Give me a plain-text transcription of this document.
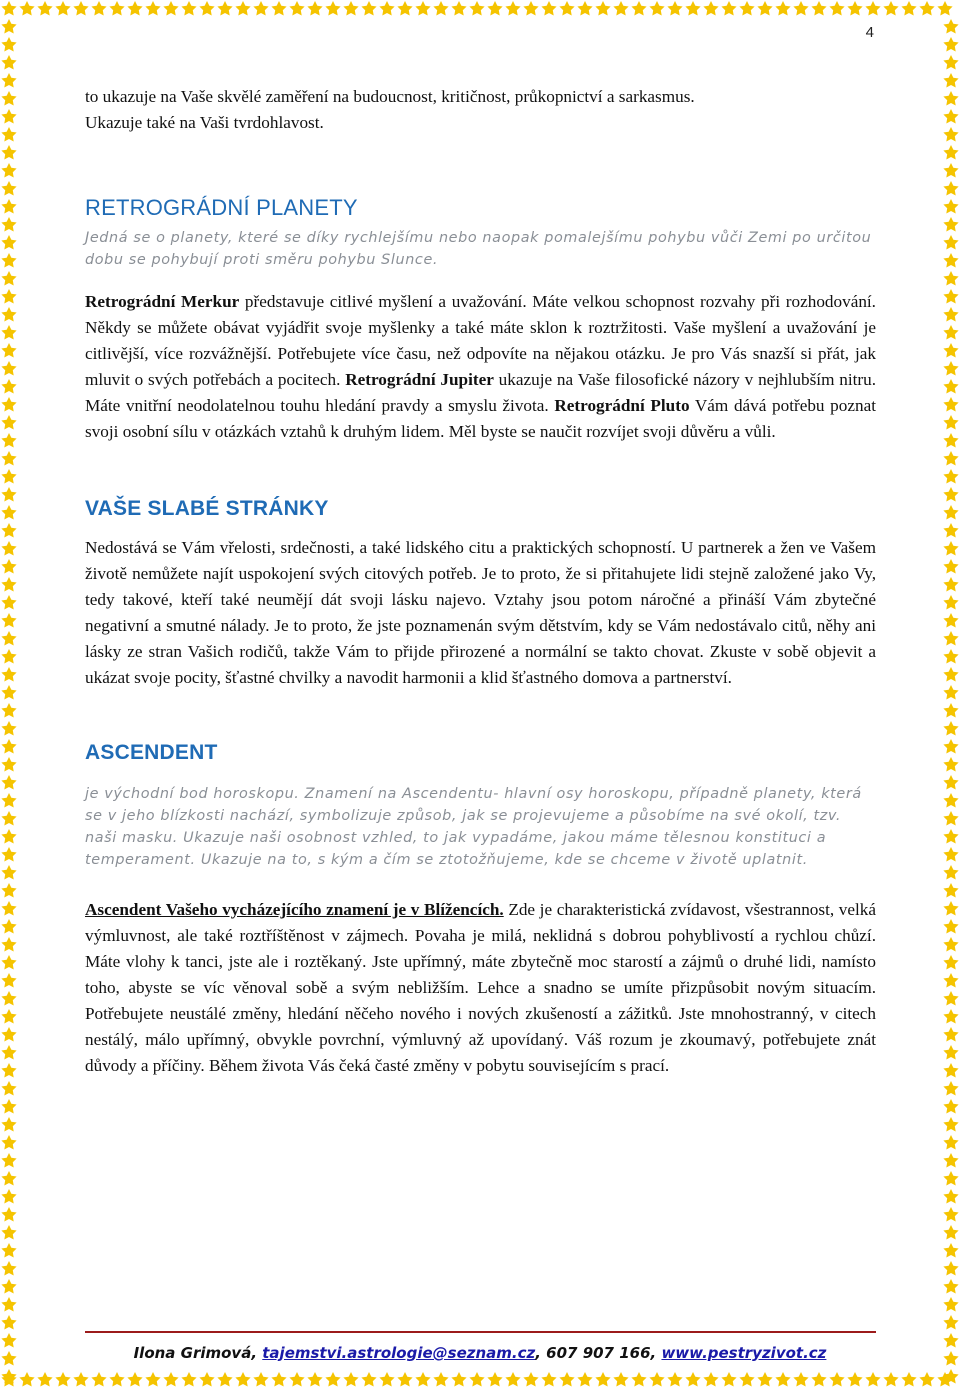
4

to ukazuje na Vaše skvělé zaměření na budoucnost, kritičnost, průkopnictví a sarkasmus.
Ukazuje také na Vaši tvrdohlavost.

RETROGRÁDNÍ PLANETY

Jedná se o planety, které se díky rychlejšímu nebo naopak pomalejšímu pohybu vůči Zemi po určitou dobu se pohybují proti směru pohybu Slunce.

Retrográdní Merkur představuje citlivé myšlení a uvažování. Máte velkou schopnost rozvahy při rozhodování. Někdy se můžete obávat vyjádřit svoje myšlenky a také máte sklon k roztržitosti. Vaše myšlení a uvažování je citlivější, více rozvážnější. Potřebujete více času, než odpovíte na nějakou otázku. Je pro Vás snazší si přát, jak mluvit o svých potřebách a pocitech. Retrográdní Jupiter ukazuje na Vaše filosofické názory v nejhlubším nitru. Máte vnitřní neodolatelnou touhu hledání pravdy a smyslu života. Retrográdní Pluto Vám dává potřebu poznat svoji osobní sílu v otázkách vztahů k druhým lidem. Měl byste se naučit rozvíjet svoji důvěru a vůli.

VAŠE SLABÉ STRÁNKY

Nedostává se Vám vřelosti, srdečnosti, a také lidského citu a praktických schopností. U partnerek a žen ve Vašem životě nemůžete najít uspokojení svých citových potřeb. Je to proto, že si přitahujete lidi stejně založené jako Vy, tedy takové, kteří také neumějí dát svoji lásku najevo. Vztahy jsou potom náročné a přináší Vám zbytečné negativní a smutné nálady. Je to proto, že jste poznamenán svým dětstvím, kdy se Vám nedostávalo citů, něhy ani lásky ze stran Vašich rodičů, takže Vám to přijde přirozené a normální se takto chovat. Zkuste v sobě objevit a ukázat svoje pocity, šťastné chvilky a navodit harmonii a klid šťastného domova a partnerství.

ASCENDENT

je východní bod horoskopu. Znamení na Ascendentu- hlavní osy horoskopu, případně planety, která se v jeho blízkosti nachází, symbolizuje způsob, jak se projevujeme a působíme na své okolí, tzv. naši masku. Ukazuje naši osobnost vzhled, to jak vypadáme, jakou máme tělesnou konstituci a temperament. Ukazuje na to, s kým a čím se ztotožňujeme, kde se chceme v životě uplatnit.

Ascendent Vašeho vycházejícího znamení je v Blížencích. Zde je charakteristická zvídavost, všestrannost, velká výmluvnost, ale také roztříštěnost v zájmech. Povaha je milá, neklidná s dobrou pohyblivostí a rychlou chůzí. Máte vlohy k tanci, jste ale i roztěkaný. Jste upřímný, máte zbytečně moc starostí a zájmů o druhé lidi, namísto toho, abyste se víc věnoval sobě a svým nebližším. Lehce a snadno se umíte přizpůsobit novým situacím. Potřebujete neustálé změny, hledání něčeho nového i nových zkušeností a zážitků. Jste mnohostranný, v citech nestálý, málo upřímný, obvykle povrchní, výmluvný až upovídaný. Váš rozum je zkoumavý, potřebujete znát důvody a příčiny. Během života Vás čeká časté změny v pobytu souvisejícím s prací.

Ilona Grimová, tajemstvi.astrologie@seznam.cz, 607 907 166, www.pestryzivot.cz
